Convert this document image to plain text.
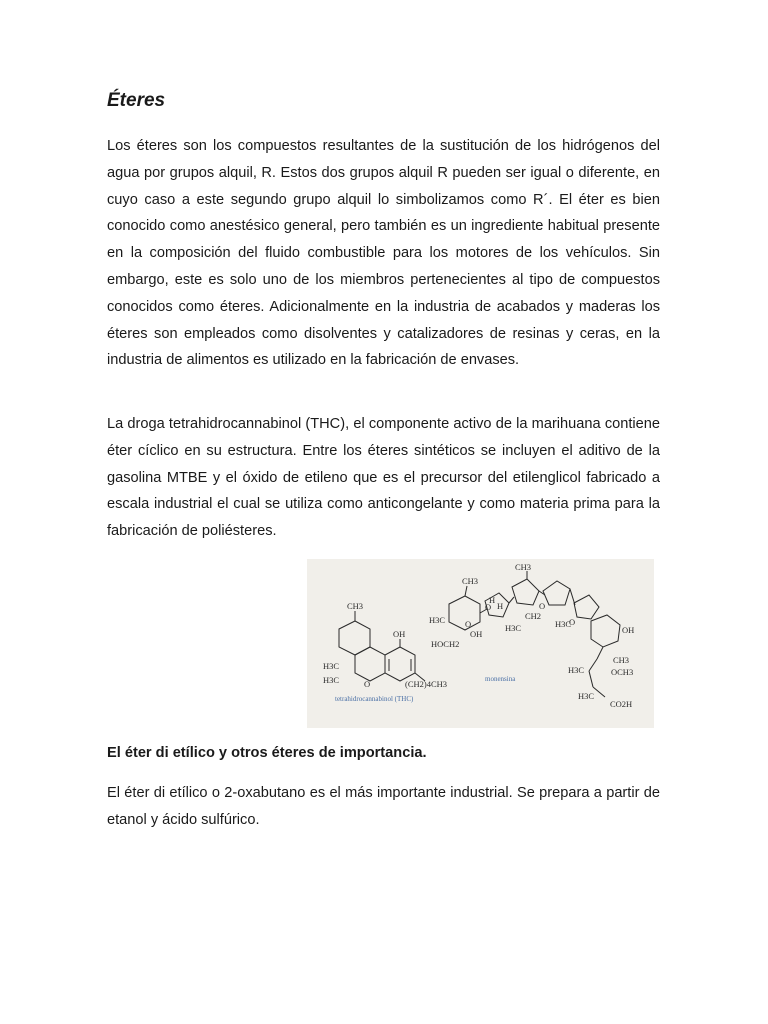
Éteres

Los éteres son los compuestos resultantes de la sustitución de los hidrógenos del agua por grupos alquil, R. Estos dos grupos alquil R pueden ser igual o diferente, en cuyo caso a este segundo grupo alquil lo simbolizamos como R´. El éter es bien conocido como anestésico general, pero también es un ingrediente habitual presente en la composición del fluido combustible para los motores de los vehículos. Sin embargo, este es solo uno de los miembros pertenecientes al tipo de compuestos conocidos como éteres. Adicionalmente en la industria de acabados y maderas los éteres son empleados como disolventes y catalizadores de resinas y ceras, en la industria de alimentos es utilizado en la fabricación de envases.

La droga tetrahidrocannabinol (THC), el componente activo de la marihuana contiene éter cíclico en su estructura. Entre los éteres sintéticos se incluyen el aditivo de la gasolina MTBE y el óxido de etileno que es el precursor del etilenglicol fabricado a escala industrial el cual se utiliza como anticongelante y como materia prima para la fabricación de poliésteres.

CH3
OH
H3C
H3C	O	(CH2)4CH3
tetrahidrocannabinol (THC)
CH3
CH3
H3C
OH
HOCH2
O
H
O H
H3C
CH2
O
H3C
OH
O
CH3
H3C	OCH3
H3C
CO2H
monensina
El éter di etílico y otros éteres de importancia.

El éter di etílico o 2-oxabutano es el más importante industrial. Se prepara a partir de etanol y ácido sulfúrico.
